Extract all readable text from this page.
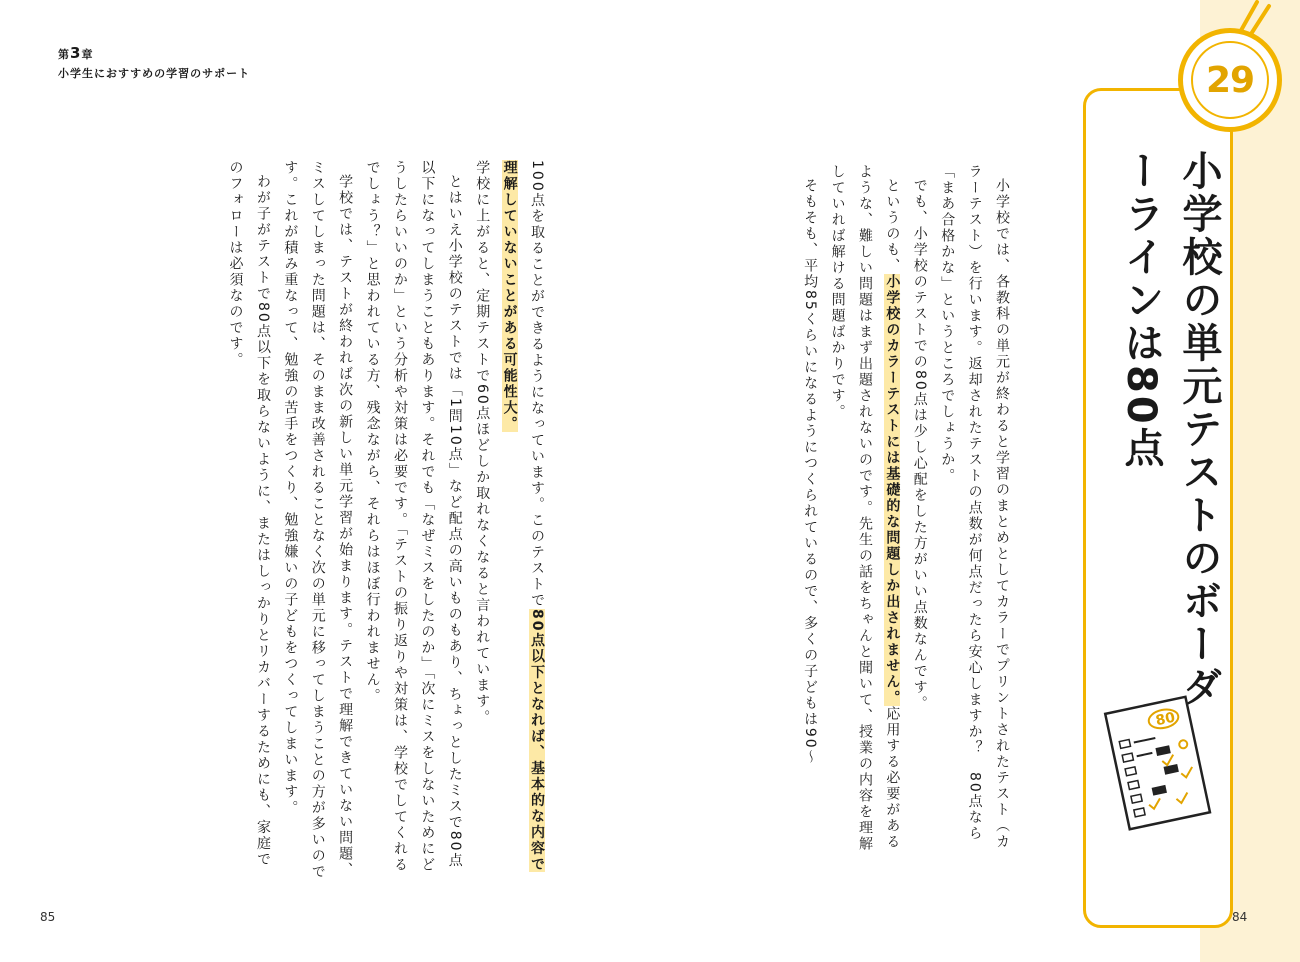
第3章
小学生におすすめの学習のサポート

100点を取ることができるようになっています。このテストで80点以下となれば、基本的な内容で理解していないことがある可能性大。

学校に上がると、定期テストで60点ほどしか取れなくなると言われています。

とはいえ小学校のテストでは「1問10点」など配点の高いものもあり、ちょっとしたミスで80点以下になってしまうこともあります。それでも「なぜミスをしたのか」「次にミスをしないためにどうしたらいいのか」という分析や対策は必要です。「テストの振り返りや対策は、学校でしてくれるでしょう？」と思われている方、残念ながら、それらはほぼ行われません。

学校では、テストが終われば次の新しい単元学習が始まります。テストで理解できていない問題、ミスしてしまった問題は、そのまま改善されることなく次の単元に移ってしまうことの方が多いのです。これが積み重なって、勉強の苦手をつくり、勉強嫌いの子どもをつくってしまいます。

わが子がテストで80点以下を取らないように、またはしっかりとリカバーするためにも、家庭でのフォローは必須なのです。

85
小学校の単元テストのボーダーラインは80点
29

小学校では、各教科の単元が終わると学習のまとめとしてカラーでプリントされたテスト（カラーテスト）を行います。返却されたテストの点数が何点だったら安心しますか？　80点なら「まあ合格かな」というところでしょうか。

でも、小学校のテストでの80点は少し心配をした方がいい点数なんです。

というのも、小学校のカラーテストには基礎的な問題しか出されません。応用する必要があるような、難しい問題はまず出題されないのです。先生の話をちゃんと聞いて、授業の内容を理解していれば解ける問題ばかりです。

そもそも、平均85くらいになるようにつくられているので、多くの子どもは90～	80
84
